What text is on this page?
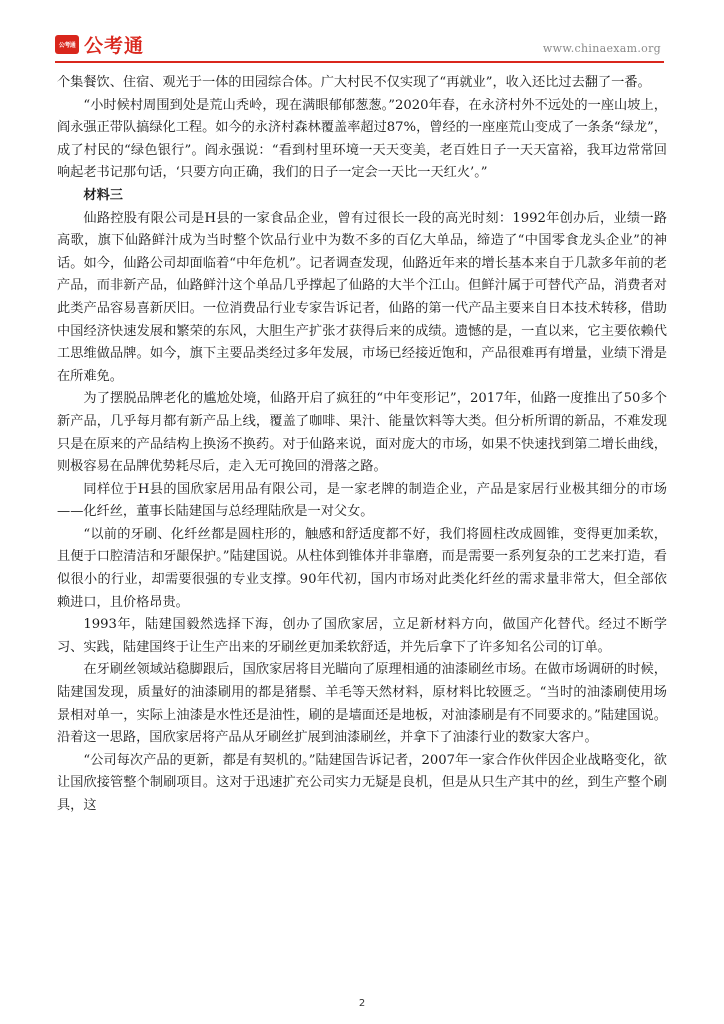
公考通 公考通	www.chinaexam.org

个集餐饮、住宿、观光于一体的田园综合体。广大村民不仅实现了“再就业”，收入还比过去翻了一番。

“小时候村周围到处是荒山秃岭，现在满眼郁郁葱葱。”2020年春，在永济村外不远处的一座山坡上，阎永强正带队搞绿化工程。如今的永济村森林覆盖率超过87%，曾经的一座座荒山变成了一条条“绿龙”，成了村民的“绿色银行”。阎永强说：“看到村里环境一天天变美，老百姓日子一天天富裕，我耳边常常回响起老书记那句话，‘只要方向正确，我们的日子一定会一天比一天红火’。”

材料三

仙路控股有限公司是H县的一家食品企业，曾有过很长一段的高光时刻：1992年创办后，业绩一路高歌，旗下仙路鲜汁成为当时整个饮品行业中为数不多的百亿大单品，缔造了“中国零食龙头企业”的神话。如今，仙路公司却面临着“中年危机”。记者调查发现，仙路近年来的增长基本来自于几款多年前的老产品，而非新产品，仙路鲜汁这个单品几乎撑起了仙路的大半个江山。但鲜汁属于可替代产品，消费者对此类产品容易喜新厌旧。一位消费品行业专家告诉记者，仙路的第一代产品主要来自日本技术转移，借助中国经济快速发展和繁荣的东风，大胆生产扩张才获得后来的成绩。遗憾的是，一直以来，它主要依赖代工思维做品牌。如今，旗下主要品类经过多年发展，市场已经接近饱和，产品很难再有增量，业绩下滑是在所难免。

为了摆脱品牌老化的尴尬处境，仙路开启了疯狂的“中年变形记”，2017年，仙路一度推出了50多个新产品，几乎每月都有新产品上线，覆盖了咖啡、果汁、能量饮料等大类。但分析所谓的新品，不难发现只是在原来的产品结构上换汤不换药。对于仙路来说，面对庞大的市场，如果不快速找到第二增长曲线，则极容易在品牌优势耗尽后，走入无可挽回的滑落之路。

同样位于H县的国欣家居用品有限公司，是一家老牌的制造企业，产品是家居行业极其细分的市场——化纤丝，董事长陆建国与总经理陆欣是一对父女。

“以前的牙刷、化纤丝都是圆柱形的，触感和舒适度都不好，我们将圆柱改成圆锥，变得更加柔软，且便于口腔清洁和牙龈保护。”陆建国说。从柱体到锥体并非靠磨，而是需要一系列复杂的工艺来打造，看似很小的行业，却需要很强的专业支撑。90年代初，国内市场对此类化纤丝的需求量非常大，但全部依赖进口，且价格昂贵。

1993年，陆建国毅然选择下海，创办了国欣家居，立足新材料方向，做国产化替代。经过不断学习、实践，陆建国终于让生产出来的牙刷丝更加柔软舒适，并先后拿下了许多知名公司的订单。

在牙刷丝领域站稳脚跟后，国欣家居将目光瞄向了原理相通的油漆刷丝市场。在做市场调研的时候，陆建国发现，质量好的油漆刷用的都是猪鬃、羊毛等天然材料，原材料比较匮乏。“当时的油漆刷使用场景相对单一，实际上油漆是水性还是油性，刷的是墙面还是地板，对油漆刷是有不同要求的。”陆建国说。沿着这一思路，国欣家居将产品从牙刷丝扩展到油漆刷丝，并拿下了油漆行业的数家大客户。

“公司每次产品的更新，都是有契机的。”陆建国告诉记者，2007年一家合作伙伴因企业战略变化，欲让国欣接管整个制刷项目。这对于迅速扩充公司实力无疑是良机，但是从只生产其中的丝，到生产整个刷具，这

2
